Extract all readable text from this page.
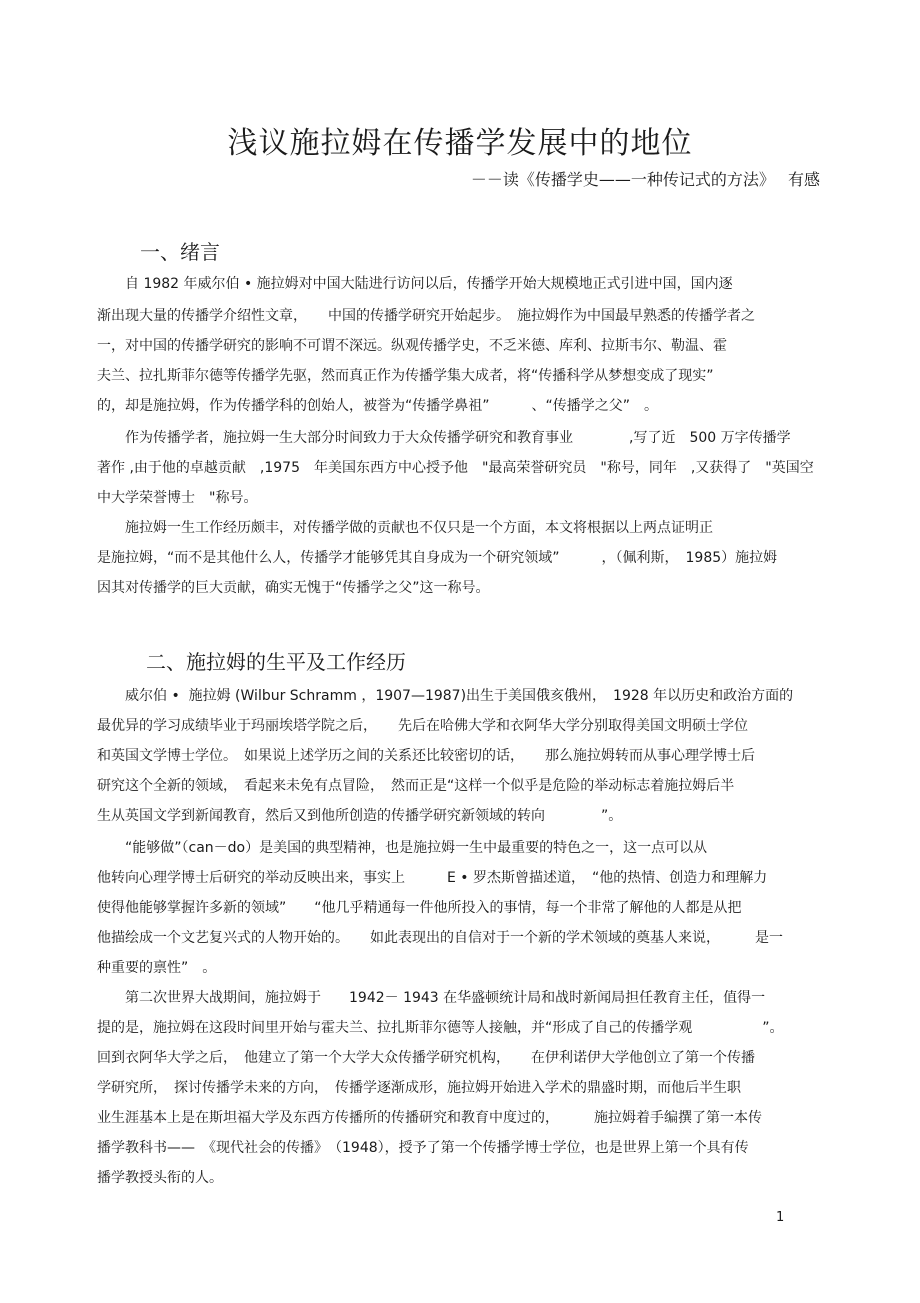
浅议施拉姆在传播学发展中的地位
－－读《传播学史——一种传记式的方法》　 有感
一、绪言
　　自 1982 年威尔伯 • 施拉姆对中国大陆进行访问以后，传播学开始大规模地正式引进中国，国内逐
渐出现大量的传播学介绍性文章，　　中国的传播学研究开始起步。　施拉姆作为中国最早熟悉的传播学者之
一，对中国的传播学研究的影响不可谓不深远。纵观传播学史，不乏米德、库利、拉斯韦尔、勒温、霍
夫兰、拉扎斯菲尔德等传播学先驱，然而真正作为传播学集大成者，将“传播科学从梦想变成了现实”
的，却是施拉姆，作为传播学科的创始人，被誉为“传播学鼻祖”　　　、“传播学之父”　。
　　作为传播学者，施拉姆一生大部分时间致力于大众传播学研究和教育事业　　　　,写了近　500 万字传播学
著作 ,由于他的卓越贡献　,1975　年美国东西方中心授予他　"最高荣誉研究员　"称号，同年　,又获得了　"英国空
中大学荣誉博士　"称号。
　　施拉姆一生工作经历颇丰，对传播学做的贡献也不仅只是一个方面，本文将根据以上两点证明正
是施拉姆，“而不是其他什么人，传播学才能够凭其自身成为一个研究领域”　　　，（佩利斯，　1985）施拉姆
因其对传播学的巨大贡献，确实无愧于“传播学之父”这一称号。
二、施拉姆的生平及工作经历
　　威尔伯 •  施拉姆 (Wilbur Schramm ，1907—1987)出生于美国俄亥俄州，　1928 年以历史和政治方面的
最优异的学习成绩毕业于玛丽埃塔学院之后，　　先后在哈佛大学和衣阿华大学分别取得美国文明硕士学位
和英国文学博士学位。　如果说上述学历之间的关系还比较密切的话，　　那么施拉姆转而从事心理学博士后
研究这个全新的领域，　看起来未免有点冒险，　然而正是“这样一个似乎是危险的举动标志着施拉姆后半
生从英国文学到新闻教育，然后又到他所创造的传播学研究新领域的转向　　　　”。
　　“能够做”（can－do）是美国的典型精神，也是施拉姆一生中最重要的特色之一，这一点可以从
他转向心理学博士后研究的举动反映出来，事实上　　　E • 罗杰斯曾描述道，　“他的热情、创造力和理解力
使得他能够掌握许多新的领域”　　“他几乎精通每一件他所投入的事情，每一个非常了解他的人都是从把
他描绘成一个文艺复兴式的人物开始的。　　如此表现出的自信对于一个新的学术领域的奠基人来说，　　　是一
种重要的禀性”　。
　　第二次世界大战期间，施拉姆于　　1942－ 1943 在华盛顿统计局和战时新闻局担任教育主任，值得一
提的是，施拉姆在这段时间里开始与霍夫兰、拉扎斯菲尔德等人接触，并“形成了自己的传播学观　　　　　”。
回到衣阿华大学之后，　他建立了第一个大学大众传播学研究机构，　　在伊利诺伊大学他创立了第一个传播
学研究所，　探讨传播学未来的方向，　传播学逐渐成形，施拉姆开始进入学术的鼎盛时期，而他后半生职
业生涯基本上是在斯坦福大学及东西方传播所的传播研究和教育中度过的，　　　施拉姆着手编撰了第一本传
播学教科书——　《现代社会的传播》　（1948），授予了第一个传播学博士学位，也是世界上第一个具有传
播学教授头衔的人。
1
